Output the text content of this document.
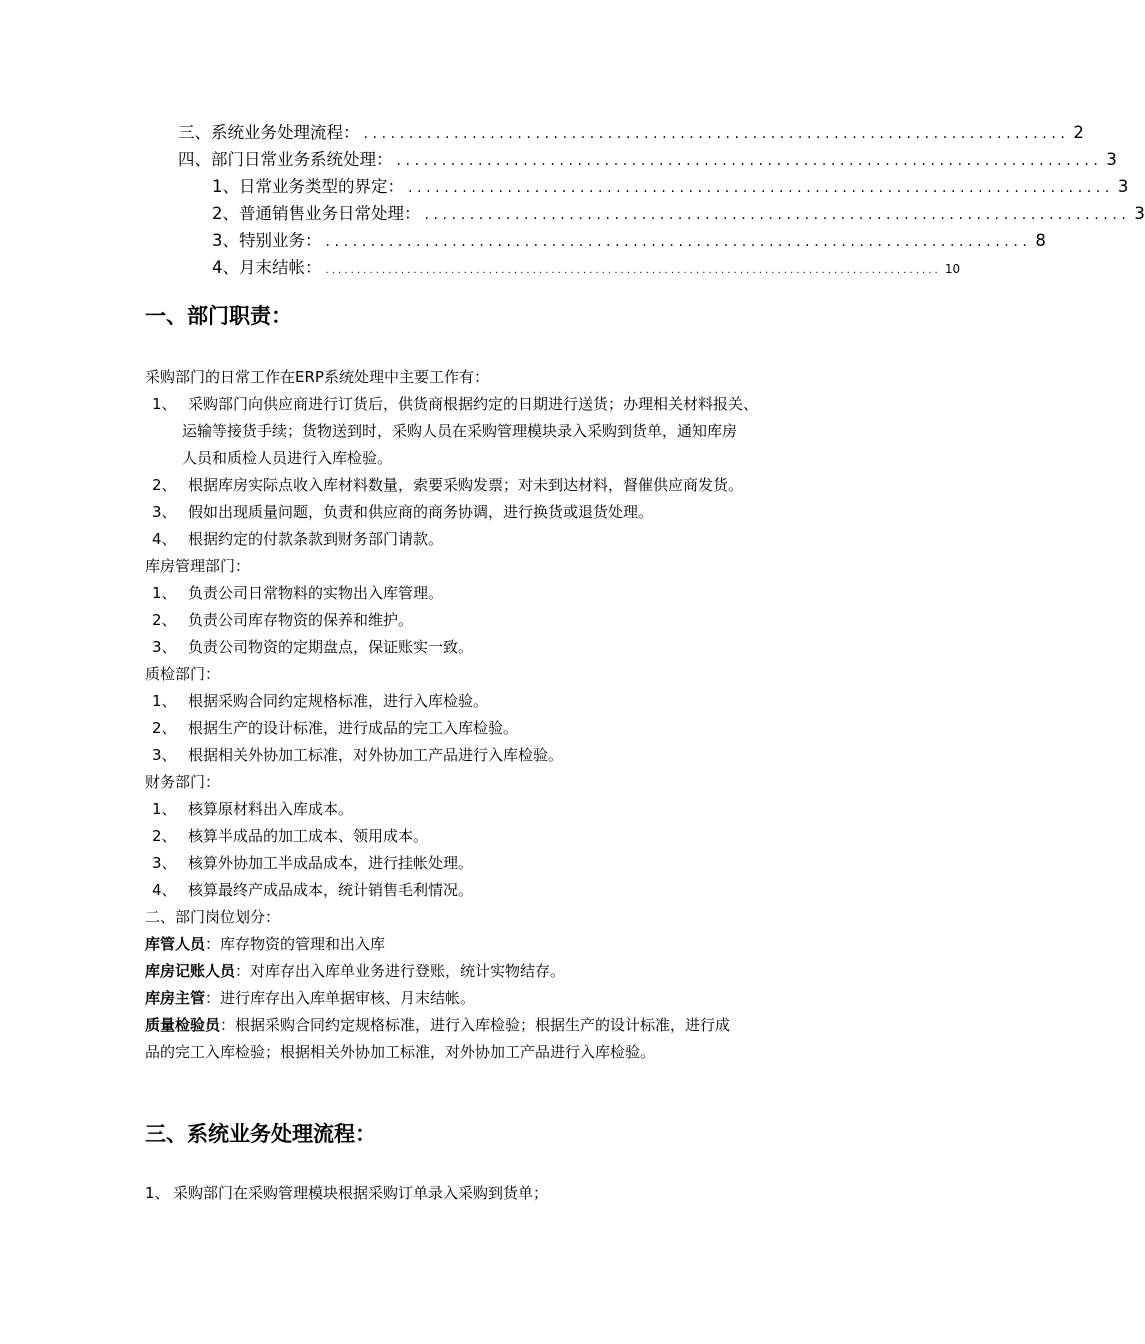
三、系统业务处理流程： .............................................................................. 2
四、部门日常业务系统处理： .............................................................................. 3
1、日常业务类型的界定： .............................................................................. 3
2、普通销售业务日常处理： .............................................................................. 3
3、特别业务： .............................................................................. 8
4、月末结帐： .................................................................................................. 10
一、部门职责：
采购部门的日常工作在ERP系统处理中主要工作有：
1、 采购部门向供应商进行订货后，供货商根据约定的日期进行送货；办理相关材料报关、
运输等接货手续；货物送到时，采购人员在采购管理模块录入采购到货单，通知库房
人员和质检人员进行入库检验。
2、 根据库房实际点收入库材料数量，索要采购发票；对未到达材料，督催供应商发货。
3、 假如出现质量问题，负责和供应商的商务协调，进行换货或退货处理。
4、 根据约定的付款条款到财务部门请款。
库房管理部门：
1、 负责公司日常物料的实物出入库管理。
2、 负责公司库存物资的保养和维护。
3、 负责公司物资的定期盘点，保证账实一致。
质检部门：
1、 根据采购合同约定规格标准，进行入库检验。
2、 根据生产的设计标准，进行成品的完工入库检验。
3、 根据相关外协加工标准，对外协加工产品进行入库检验。
财务部门：
1、 核算原材料出入库成本。
2、 核算半成品的加工成本、领用成本。
3、 核算外协加工半成品成本，进行挂帐处理。
4、 核算最终产成品成本，统计销售毛利情况。
二、部门岗位划分：
库管人员：库存物资的管理和出入库
库房记账人员：对库存出入库单业务进行登账，统计实物结存。
库房主管：进行库存出入库单据审核、月末结帐。
质量检验员：根据采购合同约定规格标准，进行入库检验；根据生产的设计标准，进行成
品的完工入库检验；根据相关外协加工标准，对外协加工产品进行入库检验。
三、系统业务处理流程：
1、 采购部门在采购管理模块根据采购订单录入采购到货单；
